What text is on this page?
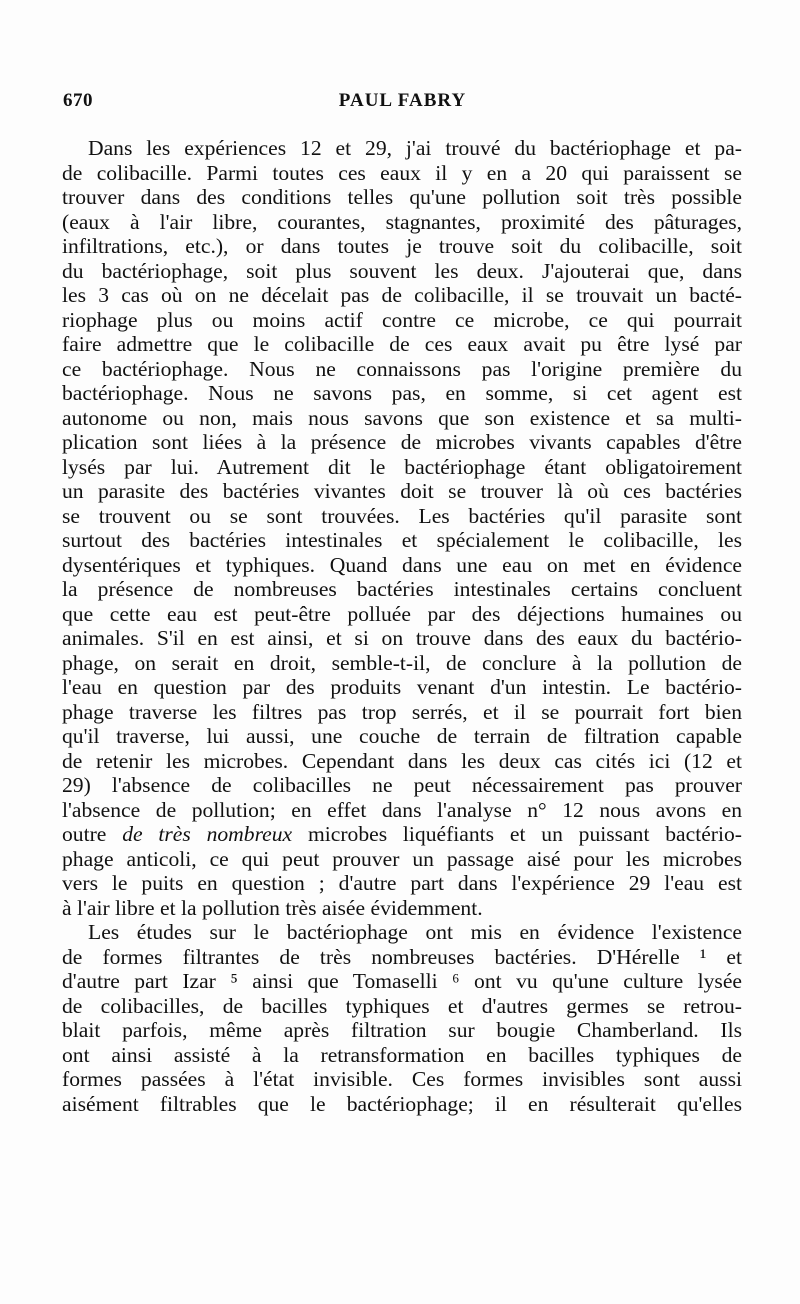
670	PAUL FABRY
Dans les expériences 12 et 29, j'ai trouvé du bactériophage et pa-
de colibacille. Parmi toutes ces eaux il y en a 20 qui paraissent se
trouver dans des conditions telles qu'une pollution soit très possible
(eaux à l'air libre, courantes, stagnantes, proximité des pâturages,
infiltrations, etc.), or dans toutes je trouve soit du colibacille, soit
du bactériophage, soit plus souvent les deux. J'ajouterai que, dans
les 3 cas où on ne décelait pas de colibacille, il se trouvait un bacté-
riophage plus ou moins actif contre ce microbe, ce qui pourrait
faire admettre que le colibacille de ces eaux avait pu être lysé par
ce bactériophage. Nous ne connaissons pas l'origine première du
bactériophage. Nous ne savons pas, en somme, si cet agent est
autonome ou non, mais nous savons que son existence et sa multi-
plication sont liées à la présence de microbes vivants capables d'être
lysés par lui. Autrement dit le bactériophage étant obligatoirement
un parasite des bactéries vivantes doit se trouver là où ces bactéries
se trouvent ou se sont trouvées. Les bactéries qu'il parasite sont
surtout des bactéries intestinales et spécialement le colibacille, les
dysentériques et typhiques. Quand dans une eau on met en évidence
la présence de nombreuses bactéries intestinales certains concluent
que cette eau est peut-être polluée par des déjections humaines ou
animales. S'il en est ainsi, et si on trouve dans des eaux du bactério-
phage, on serait en droit, semble-t-il, de conclure à la pollution de
l'eau en question par des produits venant d'un intestin. Le bactério-
phage traverse les filtres pas trop serrés, et il se pourrait fort bien
qu'il traverse, lui aussi, une couche de terrain de filtration capable
de retenir les microbes. Cependant dans les deux cas cités ici (12 et
29) l'absence de colibacilles ne peut nécessairement pas prouver
l'absence de pollution; en effet dans l'analyse n° 12 nous avons en
outre de très nombreux microbes liquéfiants et un puissant bactério-
phage anticoli, ce qui peut prouver un passage aisé pour les microbes
vers le puits en question ; d'autre part dans l'expérience 29 l'eau est
à l'air libre et la pollution très aisée évidemment.
Les études sur le bactériophage ont mis en évidence l'existence
de formes filtrantes de très nombreuses bactéries. D'Hérelle ¹ et
d'autre part Izar ⁵ ainsi que Tomaselli ⁶ ont vu qu'une culture lysée
de colibacilles, de bacilles typhiques et d'autres germes se retrou-
blait parfois, même après filtration sur bougie Chamberland. Ils
ont ainsi assisté à la retransformation en bacilles typhiques de
formes passées à l'état invisible. Ces formes invisibles sont aussi
aisément filtrables que le bactériophage; il en résulterait qu'elles
